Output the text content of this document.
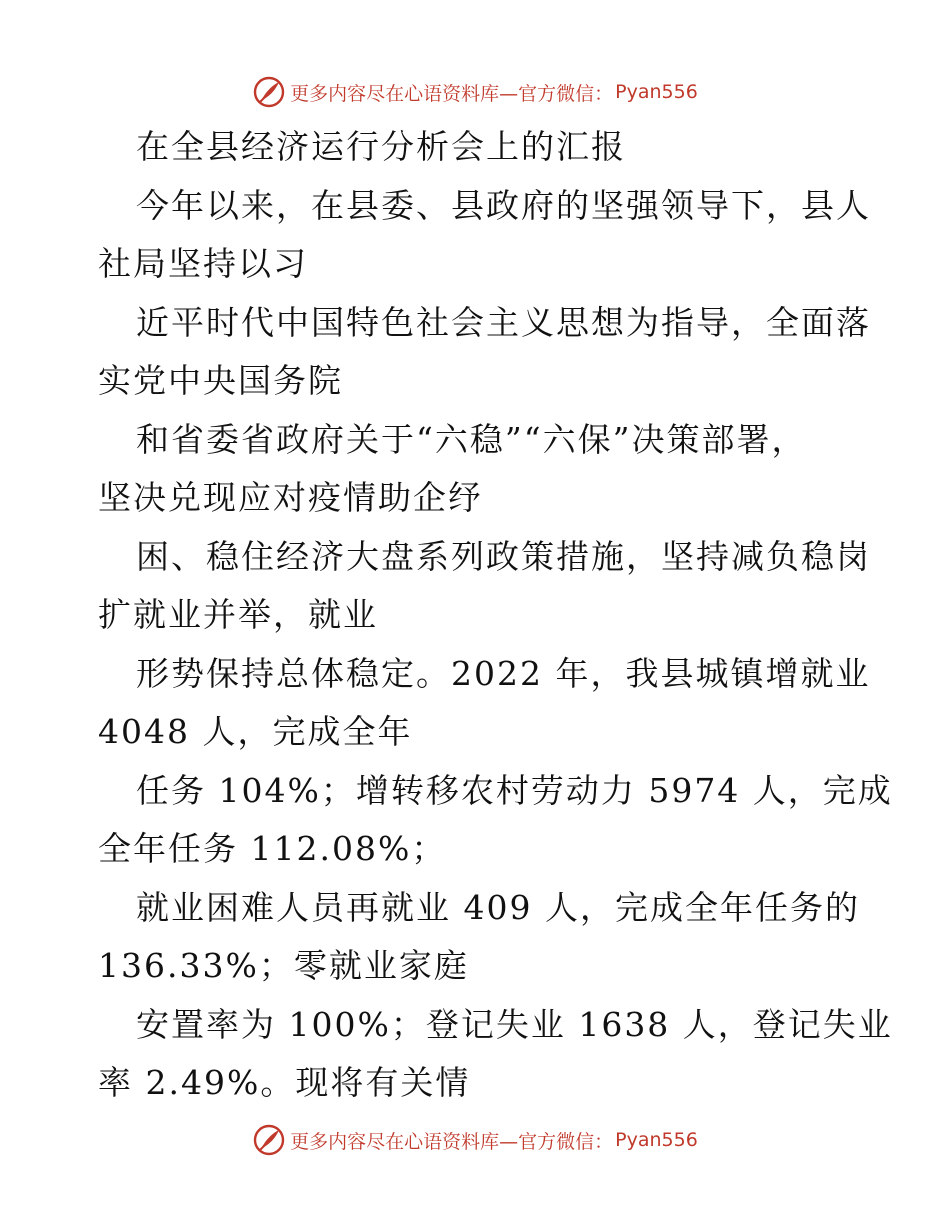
更多内容尽在心语资料库—官方微信： Pyan556
在全县经济运行分析会上的汇报
今年以来，在县委、县政府的坚强领导下，县人
社局坚持以习
近平时代中国特色社会主义思想为指导，全面落
实党中央国务院
和省委省政府关于“六稳”“六保”决策部署，
坚决兑现应对疫情助企纾
困、稳住经济大盘系列政策措施，坚持减负稳岗
扩就业并举，就业
形势保持总体稳定。2022 年，我县城镇增就业
4048 人，完成全年
任务 104%；增转移农村劳动力 5974 人，完成
全年任务 112.08%；
就业困难人员再就业 409 人，完成全年任务的
136.33%；零就业家庭
安置率为 100%；登记失业 1638 人，登记失业
率 2.49%。现将有关情
更多内容尽在心语资料库—官方微信： Pyan556
